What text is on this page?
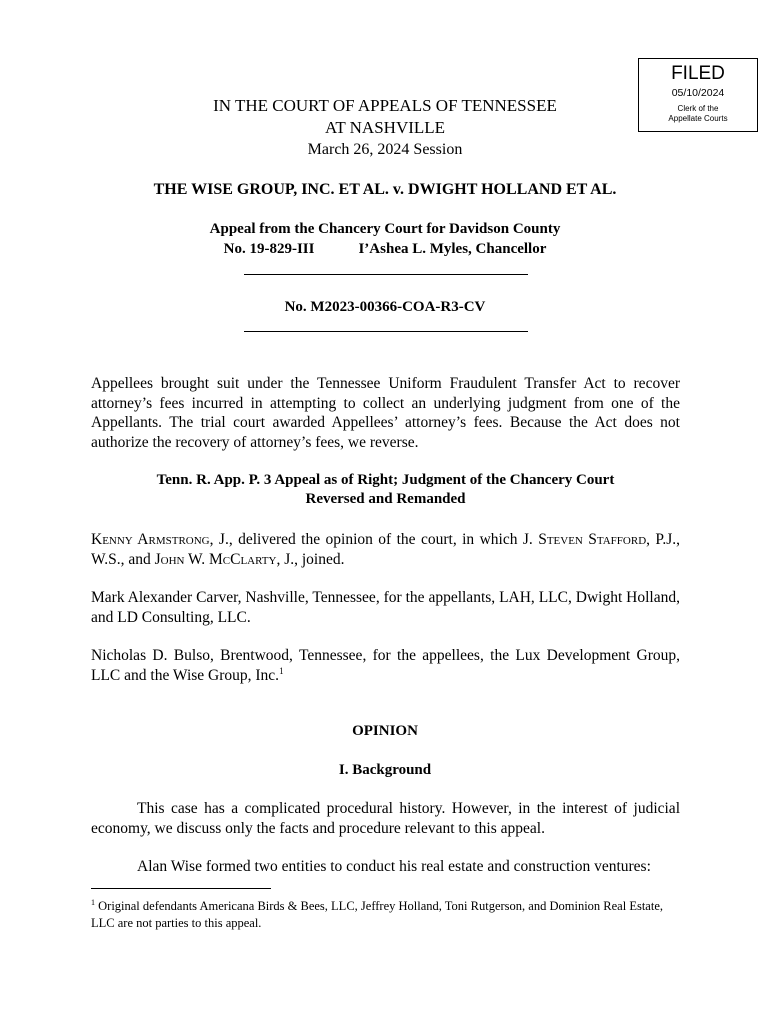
FILED
05/10/2024
Clerk of the
Appellate Courts
IN THE COURT OF APPEALS OF TENNESSEE
AT NASHVILLE
March 26, 2024 Session
THE WISE GROUP, INC. ET AL. v. DWIGHT HOLLAND ET AL.
Appeal from the Chancery Court for Davidson County
No. 19-829-III	I’Ashea L. Myles, Chancellor
No. M2023-00366-COA-R3-CV
Appellees brought suit under the Tennessee Uniform Fraudulent Transfer Act to recover attorney’s fees incurred in attempting to collect an underlying judgment from one of the Appellants. The trial court awarded Appellees’ attorney’s fees. Because the Act does not authorize the recovery of attorney’s fees, we reverse.
Tenn. R. App. P. 3 Appeal as of Right; Judgment of the Chancery Court
Reversed and Remanded
Kenny Armstrong, J., delivered the opinion of the court, in which J. Steven Stafford, P.J., W.S., and John W. McClarty, J., joined.
Mark Alexander Carver, Nashville, Tennessee, for the appellants, LAH, LLC, Dwight Holland, and LD Consulting, LLC.
Nicholas D. Bulso, Brentwood, Tennessee, for the appellees, the Lux Development Group, LLC and the Wise Group, Inc.$^1$
OPINION
I. Background
This case has a complicated procedural history. However, in the interest of judicial economy, we discuss only the facts and procedure relevant to this appeal.
Alan Wise formed two entities to conduct his real estate and construction ventures:
$^1$ Original defendants Americana Birds & Bees, LLC, Jeffrey Holland, Toni Rutgerson, and Dominion Real Estate, LLC are not parties to this appeal.
